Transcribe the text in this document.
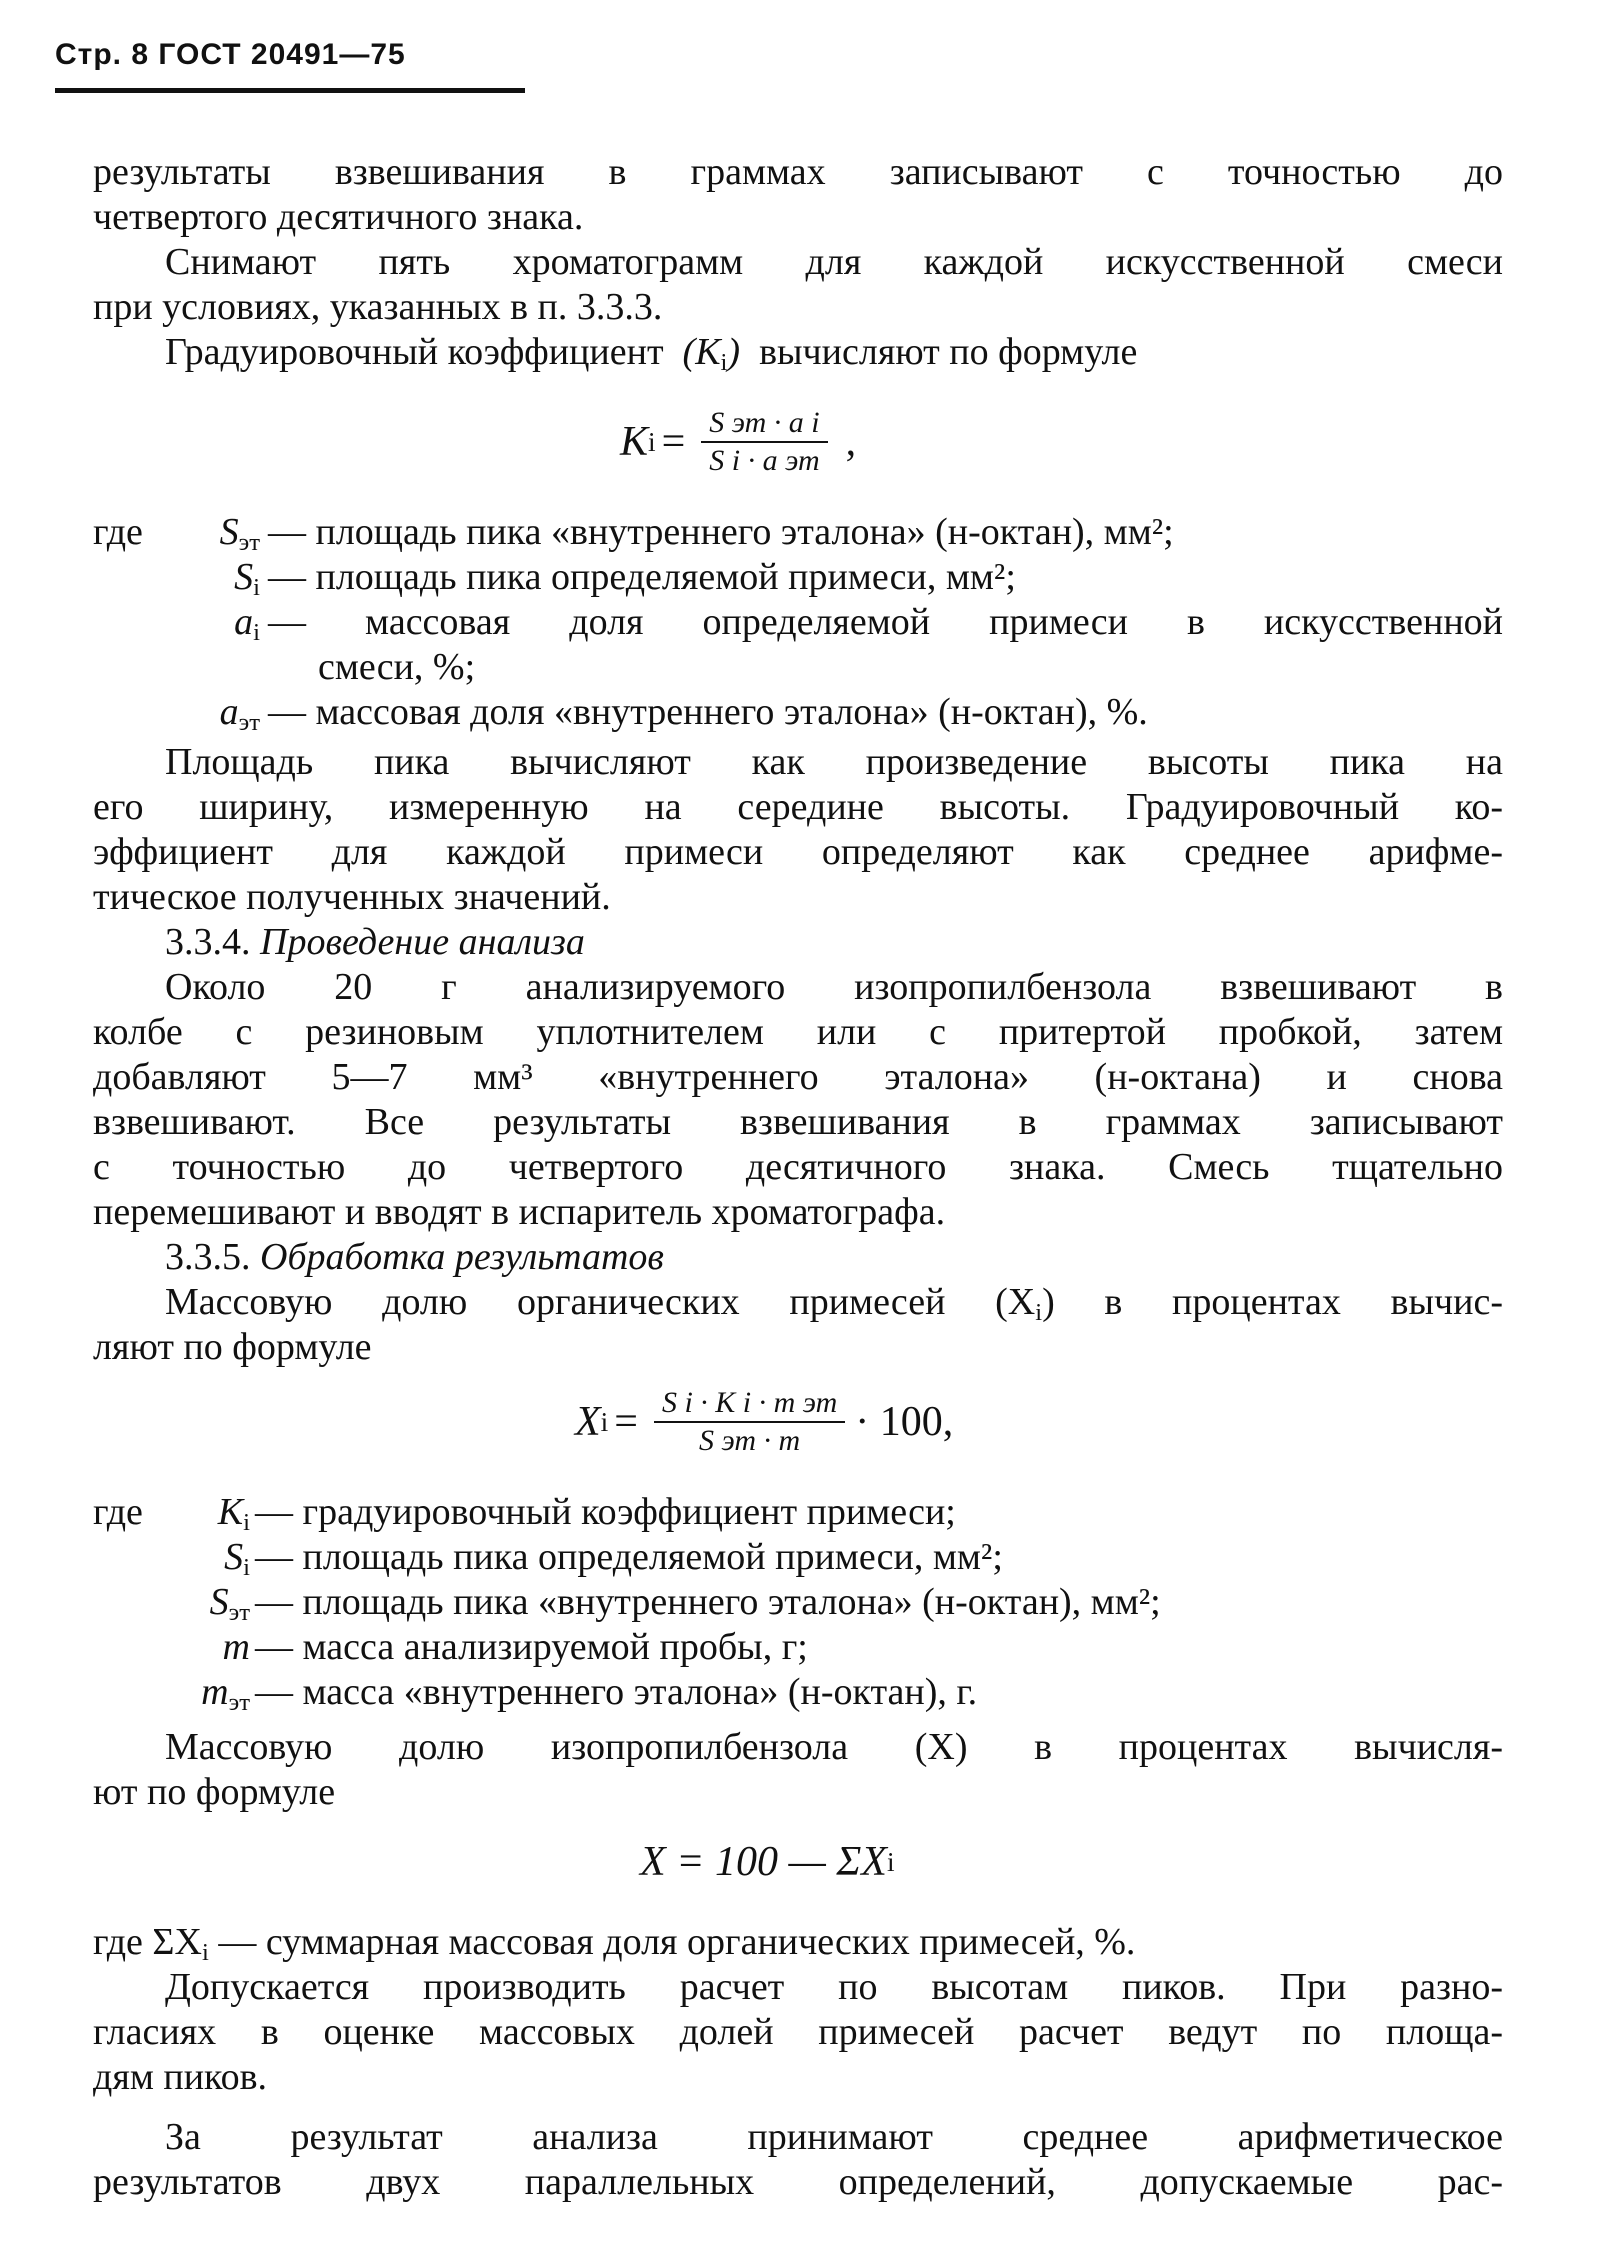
Стр. 8 ГОСТ 20491—75
результаты взвешивания в граммах записывают с точностью до
четвертого десятичного знака.
Снимают пять хроматограмм для каждой искусственной смеси
при условиях, указанных в п. 3.3.3.
Градуировочный коэффициент $(K_i)$ вычисляют по формуле
K $i = \frac{\text{S эт · a i}}{\text{S i · a эт}}$ ,
где	$S_{эт}$ — площадь пика «внутреннего эталона» (н-октан), мм²;
$S_i$ — площадь пика определяемой примеси, мм²;
$a_i$ — массовая доля определяемой примеси в искусственной
смеси, %;
$a_{эт}$ — массовая доля «внутреннего эталона» (н-октан), %.
Площадь пика вычисляют как произведение высоты пика на
его ширину, измеренную на середине высоты. Градуировочный ко-
эффициент для каждой примеси определяют как среднее арифме-
тическое полученных значений.
3.3.4. Проведение анализа
Около 20 г анализируемого изопропилбензола взвешивают в
колбе с резиновым уплотнителем или с притертой пробкой, затем
добавляют 5—7 мм³ «внутреннего эталона» (н-октана) и снова
взвешивают. Все результаты взвешивания в граммах записывают
с точностью до четвертого десятичного знака. Смесь тщательно
перемешивают и вводят в испаритель хроматографа.
3.3.5. Обработка результатов
Массовую долю органических примесей $(X_i)$ в процентах вычис-
ляют по формуле
X $i = \frac{\text{S i · K i · m эт}}{\text{S эт · m}} \cdot 100$,
где	$K_i$ — градуировочный коэффициент примеси;
$S_i$ — площадь пика определяемой примеси, мм²;
$S_{эт}$ — площадь пика «внутреннего эталона» (н-октан), мм²;
m — масса анализируемой пробы, г;
$m_{эт}$ — масса «внутреннего эталона» (н-октан), г.
Массовую долю изопропилбензола (X) в процентах вычисля-
ют по формуле
X = 100 — ΣX i
где $\Sigma X_i$ — суммарная массовая доля органических примесей, %.
Допускается производить расчет по высотам пиков. При разно-
гласиях в оценке массовых долей примесей расчет ведут по площа-
дям пиков.
За результат анализа принимают среднее арифметическое
результатов двух параллельных определений, допускаемые рас-
